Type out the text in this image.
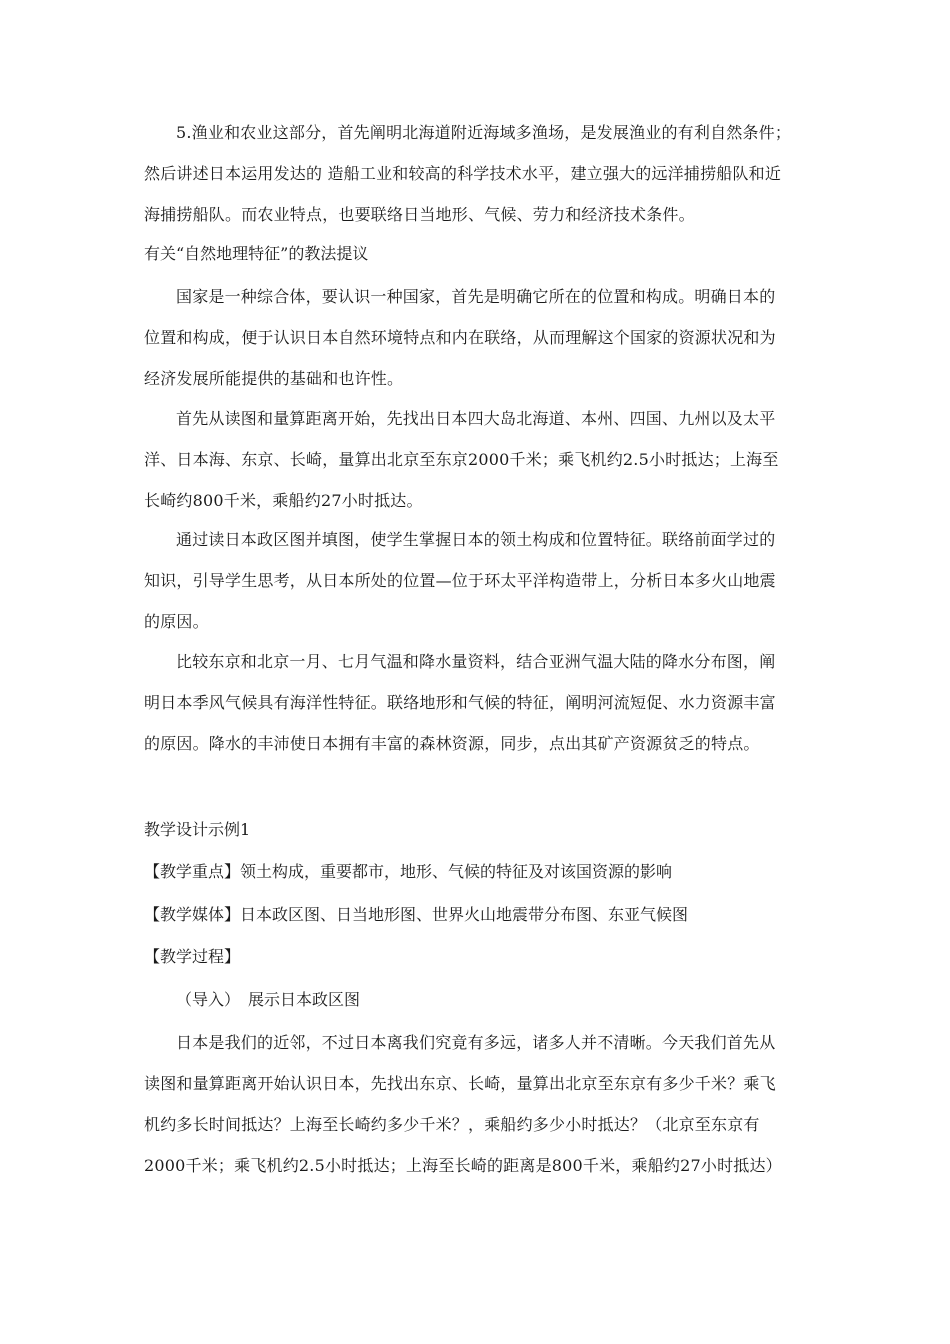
5.渔业和农业这部分，首先阐明北海道附近海域多渔场，是发展渔业的有利自然条件；
然后讲述日本运用发达的 造船工业和较高的科学技术水平，建立强大的远洋捕捞船队和近
海捕捞船队。而农业特点，也要联络日当地形、气候、劳力和经济技术条件。

有关“自然地理特征”的教法提议

国家是一种综合体，要认识一种国家，首先是明确它所在的位置和构成。明确日本的
位置和构成，便于认识日本自然环境特点和内在联络，从而理解这个国家的资源状况和为
经济发展所能提供的基础和也许性。

首先从读图和量算距离开始，先找出日本四大岛北海道、本州、四国、九州以及太平
洋、日本海、东京、长崎，量算出北京至东京2000千米；乘飞机约2.5小时抵达；上海至
长崎约800千米，乘船约27小时抵达。

通过读日本政区图并填图，使学生掌握日本的领土构成和位置特征。联络前面学过的
知识，引导学生思考，从日本所处的位置—位于环太平洋构造带上，分析日本多火山地震
的原因。

比较东京和北京一月、七月气温和降水量资料，结合亚洲气温大陆的降水分布图，阐
明日本季风气候具有海洋性特征。联络地形和气候的特征，阐明河流短促、水力资源丰富
的原因。降水的丰沛使日本拥有丰富的森林资源，同步，点出其矿产资源贫乏的特点。

教学设计示例1

【教学重点】领土构成，重要都市，地形、气候的特征及对该国资源的影响

【教学媒体】日本政区图、日当地形图、世界火山地震带分布图、东亚气候图

【教学过程】

（导入）　展示日本政区图

日本是我们的近邻，不过日本离我们究竟有多远，诸多人并不清晰。今天我们首先从
读图和量算距离开始认识日本，先找出东京、长崎，量算出北京至东京有多少千米？乘飞
机约多长时间抵达？上海至长崎约多少千米？，乘船约多少小时抵达？（北京至东京有
2000千米；乘飞机约2.5小时抵达；上海至长崎的距离是800千米，乘船约27小时抵达）
